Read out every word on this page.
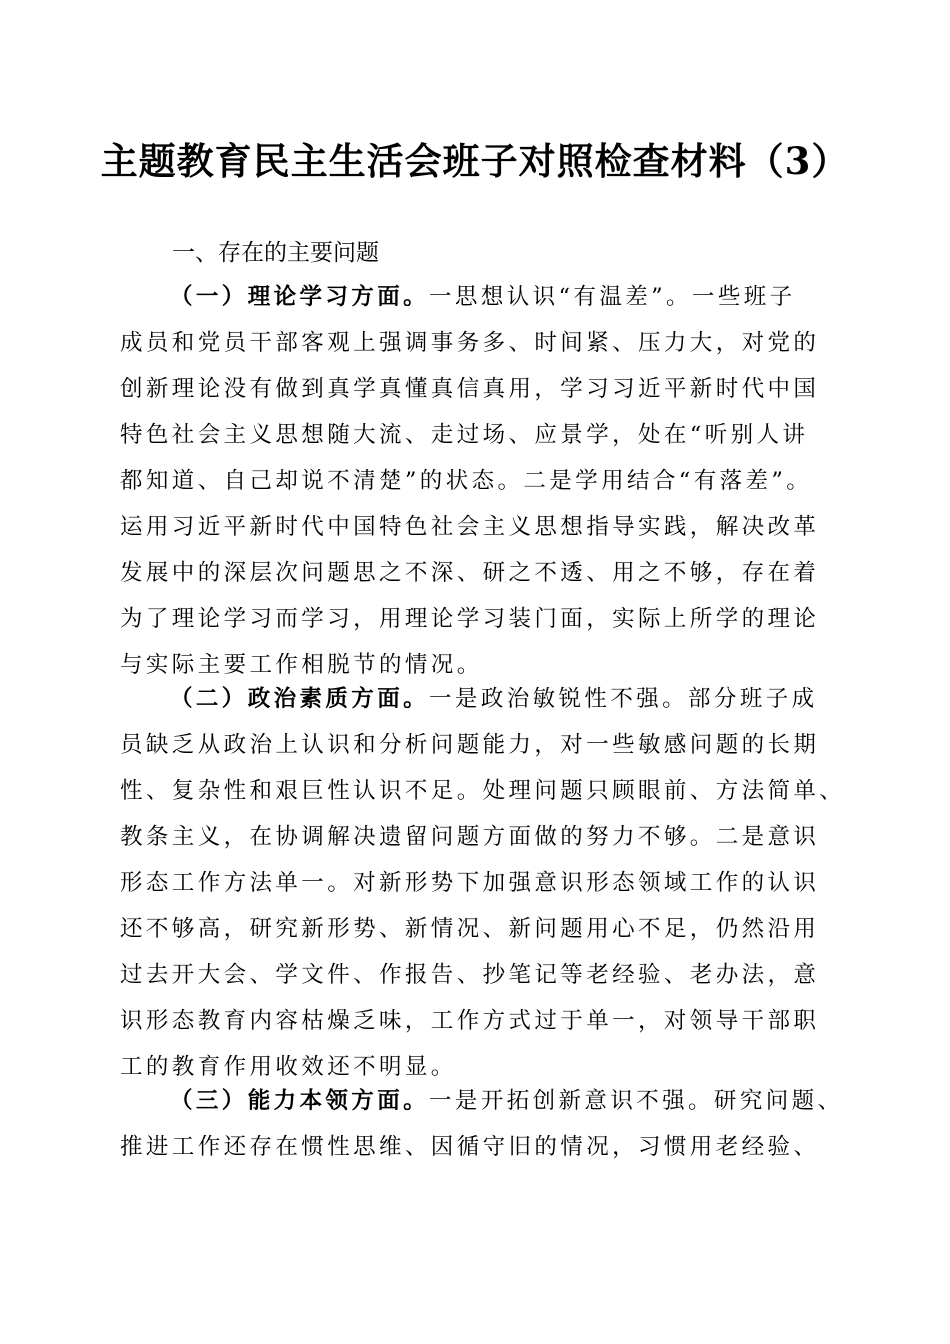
主题教育民主生活会班子对照检查材料（3）
一、存在的主要问题
（一）理论学习方面。一思想认识“有温差”。一些班子
成员和党员干部客观上强调事务多、时间紧、压力大，对党的
创新理论没有做到真学真懂真信真用，学习习近平新时代中国
特色社会主义思想随大流、走过场、应景学，处在“听别人讲
都知道、自己却说不清楚”的状态。二是学用结合“有落差”。
运用习近平新时代中国特色社会主义思想指导实践，解决改革
发展中的深层次问题思之不深、研之不透、用之不够，存在着
为了理论学习而学习，用理论学习装门面，实际上所学的理论
与实际主要工作相脱节的情况。
（二）政治素质方面。一是政治敏锐性不强。部分班子成
员缺乏从政治上认识和分析问题能力，对一些敏感问题的长期
性、复杂性和艰巨性认识不足。处理问题只顾眼前、方法简单、
教条主义，在协调解决遗留问题方面做的努力不够。二是意识
形态工作方法单一。对新形势下加强意识形态领域工作的认识
还不够高，研究新形势、新情况、新问题用心不足，仍然沿用
过去开大会、学文件、作报告、抄笔记等老经验、老办法，意
识形态教育内容枯燥乏味，工作方式过于单一，对领导干部职
工的教育作用收效还不明显。
（三）能力本领方面。一是开拓创新意识不强。研究问题、
推进工作还存在惯性思维、因循守旧的情况，习惯用老经验、
